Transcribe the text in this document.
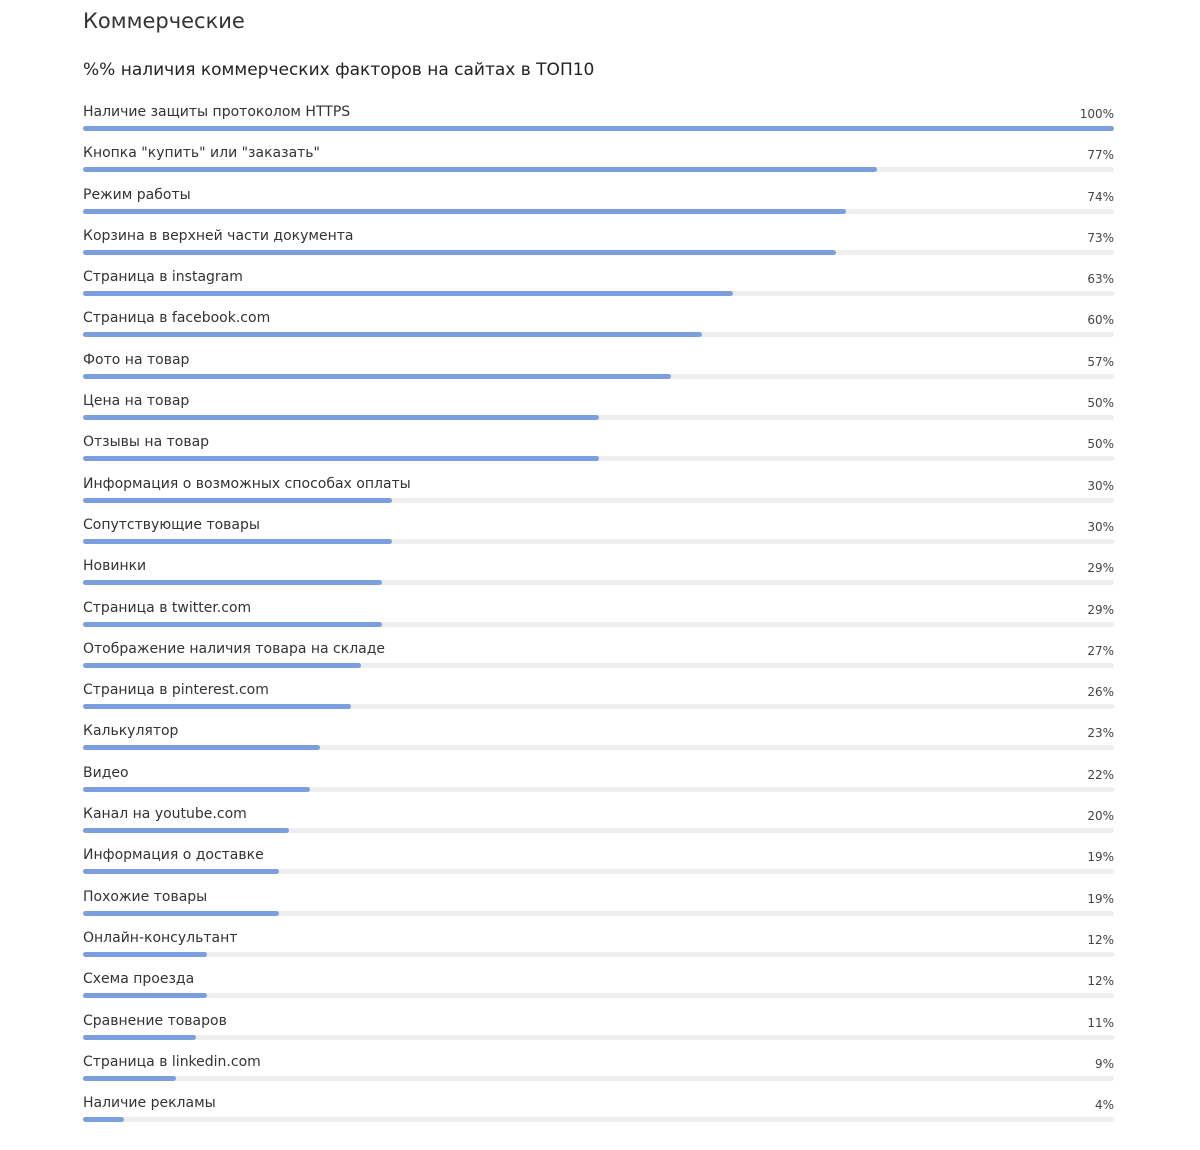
Коммерческие
%% наличия коммерческих факторов на сайтах в ТОП10
Наличие защиты протоколом HTTPS	100%
Кнопка "купить" или "заказать"	77%
Режим работы	74%
Корзина в верхней части документа	73%
Страница в instagram	63%
Страница в facebook.com	60%
Фото на товар	57%
Цена на товар	50%
Отзывы на товар	50%
Информация о возможных способах оплаты	30%
Сопутствующие товары	30%
Новинки	29%
Страница в twitter.com	29%
Отображение наличия товара на складе	27%
Страница в pinterest.com	26%
Калькулятор	23%
Видео	22%
Канал на youtube.com	20%
Информация о доставке	19%
Похожие товары	19%
Онлайн-консультант	12%
Схема проезда	12%
Сравнение товаров	11%
Страница в linkedin.com	9%
Наличие рекламы	4%
